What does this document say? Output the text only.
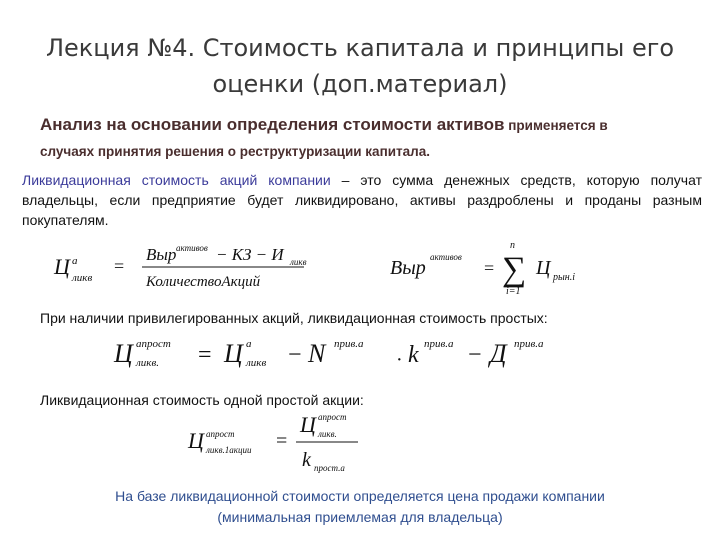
Лекция №4. Стоимость капитала и принципы его
оценки (доп.материал)
Анализ на основании определения стоимости активов применяется в
случаях принятия решения о реструктуризации капитала.
Ликвидационная стоимость акций компании – это сумма денежных средств, которую получат владельцы, если предприятие будет ликвидировано, активы раздроблены и проданы разным покупателям.
Ц a
ликв
=
Выр активов − КЗ − И ликв
КоличествоАкций
Выр активов
=
n
∑
i=1
Ц рын.i
При наличии привилегированных акций, ликвидационная стоимость простых:
Ц апрост
ликв. = Ц a
ликв − N прив.а
· k прив.а − Д прив.а
Ликвидационная стоимость одной простой акции:
Ц апрост
ликв.1акции =
Ц апрост
ликв.
k прост.а
На базе ликвидационной стоимости определяется цена продажи компании
(минимальная приемлемая для владельца)
